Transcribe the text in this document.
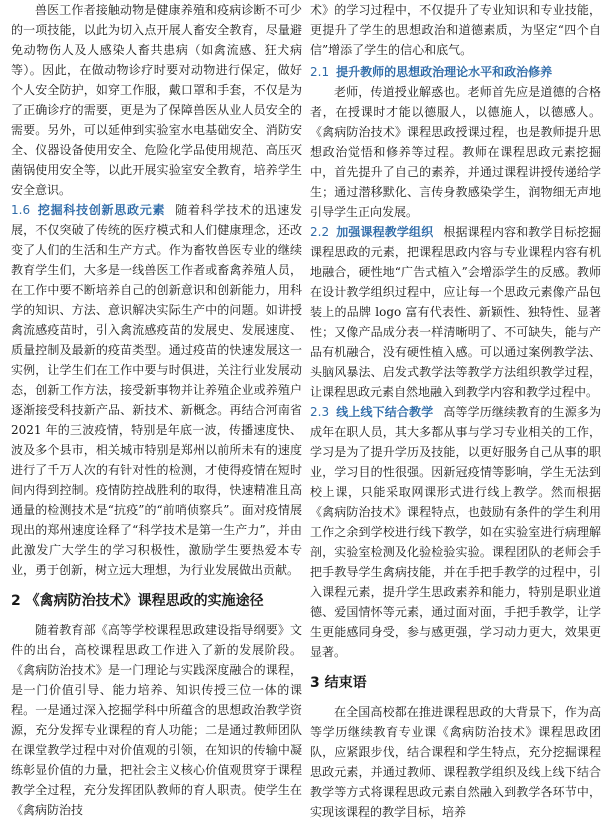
兽医工作者接触动物是健康养殖和疫病诊断不可少的一项技能，以此为切入点开展人畜安全教育，尽量避免动物伤人及人感染人畜共患病（如禽流感、狂犬病等）。因此，在做动物诊疗时要对动物进行保定，做好个人安全防护，如穿工作服，戴口罩和手套，不仅是为了正确诊疗的需要，更是为了保障兽医从业人员安全的需要。另外，可以延伸到实验室水电基础安全、消防安全、仪器设备使用安全、危险化学品使用规范、高压灭菌锅使用安全等，以此开展实验室安全教育，培养学生安全意识。

1.6 挖掘科技创新思政元素 随着科学技术的迅速发展，不仅突破了传统的医疗模式和人们健康理念，还改变了人们的生活和生产方式。作为畜牧兽医专业的继续教育学生们，大多是一线兽医工作者或畜禽养殖人员，在工作中要不断培养自己的创新意识和创新能力，用科学的知识、方法、意识解决实际生产中的问题。如讲授禽流感疫苗时，引入禽流感疫苗的发展史、发展速度、质量控制及最新的疫苗类型。通过疫苗的快速发展这一实例，让学生们在工作中要与时俱进，关注行业发展动态，创新工作方法，接受新事物并让养殖企业或养殖户逐渐接受科技新产品、新技术、新概念。再结合河南省 2021 年的三波疫情，特别是年底一波，传播速度快、波及多个县市，相关城市特别是郑州以前所未有的速度进行了千万人次的有针对性的检测，才使得疫情在短时间内得到控制。疫情防控战胜利的取得，快速精准且高通量的检测技术是“抗疫”的“前哨侦察兵”。面对疫情展现出的郑州速度诠释了“科学技术是第一生产力”，并由此激发广大学生的学习积极性，激励学生要热爱本专业，勇于创新，树立远大理想，为行业发展做出贡献。

2 《禽病防治技术》课程思政的实施途径

随着教育部《高等学校课程思政建设指导纲要》文件的出台，高校课程思政工作进入了新的发展阶段。《禽病防治技术》是一门理论与实践深度融合的课程，是一门价值引导、能力培养、知识传授三位一体的课程。一是通过深入挖掘学科中所蕴含的思想政治教学资源，充分发挥专业课程的育人功能；二是通过教师团队在课堂教学过程中对价值观的引领，在知识的传输中凝练彰显价值的力量，把社会主义核心价值观贯穿于课程教学全过程，充分发挥团队教师的育人职责。使学生在《禽病防治技

术》的学习过程中，不仅提升了专业知识和专业技能，更提升了学生的思想政治和道德素质，为坚定“四个自信”增添了学生的信心和底气。

2.1 提升教师的思想政治理论水平和政治修养

老师，传道授业解惑也。老师首先应是道德的合格者，在授课时才能以德服人，以德施人，以德感人。《禽病防治技术》课程思政授课过程，也是教师提升思想政治觉悟和修养等过程。教师在课程思政元素挖掘中，首先提升了自己的素养，并通过课程讲授传递给学生；通过潜移默化、言传身教感染学生，润物细无声地引导学生正向发展。

2.2 加强课程教学组织 根据课程内容和教学目标挖掘课程思政的元素，把课程思政内容与专业课程内容有机地融合，硬性地“广告式植入”会增添学生的反感。教师在设计教学组织过程中，应让每一个思政元素像产品包装上的品牌 logo 富有代表性、新颖性、独特性、显著性；又像产品成分表一样清晰明了、不可缺失，能与产品有机融合，没有硬性植入感。可以通过案例教学法、头脑风暴法、启发式教学法等教学方法组织教学过程，让课程思政元素自然地融入到教学内容和教学过程中。

2.3 线上线下结合教学 高等学历继续教育的生源多为成年在职人员，其大多都从事与学习专业相关的工作，学习是为了提升学历及技能，以更好服务自己从事的职业，学习目的性很强。因新冠疫情等影响，学生无法到校上课，只能采取网课形式进行线上教学。然而根据《禽病防治技术》课程特点，也鼓励有条件的学生利用工作之余到学校进行线下教学，如在实验室进行病理解剖，实验室检测及化验检验实验。课程团队的老师会手把手教导学生禽病技能，并在手把手教学的过程中，引入课程元素，提升学生思政素养和能力，特别是职业道德、爱国情怀等元素，通过面对面，手把手教学，让学生更能感同身受，参与感更强，学习动力更大，效果更显著。

3 结束语

在全国高校都在推进课程思政的大背景下，作为高等学历继续教育专业课《禽病防治技术》课程思政团队，应紧跟步伐，结合课程和学生特点，充分挖掘课程思政元素，并通过教师、课程教学组织及线上线下结合教学等方式将课程思政元素自然融入到教学各环节中，实现该课程的教学目标，培养
